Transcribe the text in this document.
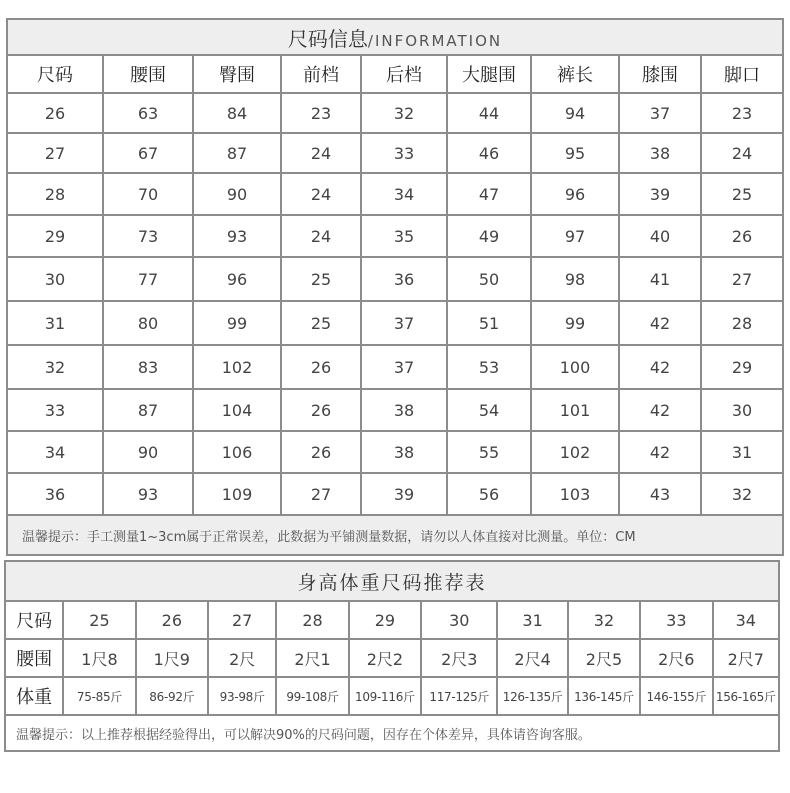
尺码信息/INFORMATION								
尺码	腰围	臀围	前档	后档	大腿围	裤长	膝围	脚口
26	63	84	23	32	44	94	37	23
27	67	87	24	33	46	95	38	24
28	70	90	24	34	47	96	39	25
29	73	93	24	35	49	97	40	26
30	77	96	25	36	50	98	41	27
31	80	99	25	37	51	99	42	28
32	83	102	26	37	53	100	42	29
33	87	104	26	38	54	101	42	30
34	90	106	26	38	55	102	42	31
36	93	109	27	39	56	103	43	32
温馨提示：手工测量1~3cm属于正常误差，此数据为平铺测量数据，请勿以人体直接对比测量。单位：CM								
身高体重尺码推荐表										
尺码	25	26	27	28	29	30	31	32	33	34
腰围	1尺8	1尺9	2尺	2尺1	2尺2	2尺3	2尺4	2尺5	2尺6	2尺7
体重	75-85斤	86-92斤	93-98斤	99-108斤	109-116斤	117-125斤	126-135斤	136-145斤	146-155斤	156-165斤
温馨提示：以上推荐根据经验得出，可以解决90%的尺码问题，因存在个体差异，具体请咨询客服。										
